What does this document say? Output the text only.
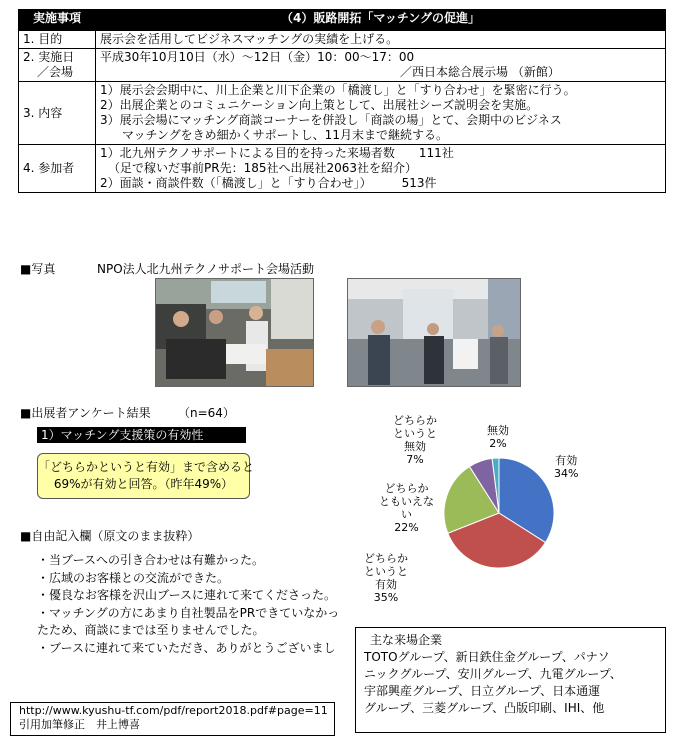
実施事項	（4）販路開拓「マッチングの促進」
1. 目的	展示会を活用してビジネスマッチングの実績を上げる。

2. 実施日
／会場	平成30年10月10日（水）～12日（金）10：00～17：00
／西日本総合展示場 （新館）

3. 内容	1）展示会会期中に、川上企業と川下企業の「橋渡し」と「すり合わせ」を緊密に行う。
2）出展企業とのコミュニケーション向上策として、出展社シーズ説明会を実施。
3）展示会場にマッチング商談コーナーを併設し「商談の場」とて、会期中のビジネス
マッチングをきめ細かくサポートし、11月末まで継続する。

4. 参加者	1）北九州テクノサポートによる目的を持った来場者数　　111社
（足で稼いだ事前PR先：185社へ出展社2063社を紹介）
2）面談・商談件数（「橋渡し」と「すり合わせ」）　　　513件
■写真	NPO法人北九州テクノサポート会場活動
■出展者アンケート結果 （n=64）
1）マッチング支援策の有効性
「どちらかというと有効」まで含めると
69%が有効と回答。（昨年49%）
■自由記入欄（原文のまま抜粋）
・当ブースへの引き合わせは有難かった。
・広域のお客様との交流ができた。
・優良なお客様を沢山ブースに連れて来てくださった。
・マッチングの方にあまり自社製品をPRできていなかっ
たため、商談にまでは至りませんでした。
・ブースに連れて来ていただき、ありがとうございまし
有効
34%
どちらか
というと
有効
35%
どちらか
ともいえな
い
22%
どちらか
というと
無効
7%
無効
2%
主な来場企業
TOTOグループ、新日鉄住金グループ、パナソ
ニックグループ、安川グループ、九電グループ、
宇部興産グループ、日立グループ、日本通運
グループ、三菱グループ、凸版印刷、IHI、他
http://www.kyushu-tf.com/pdf/report2018.pdf#page=11
引用加筆修正　井上博喜
